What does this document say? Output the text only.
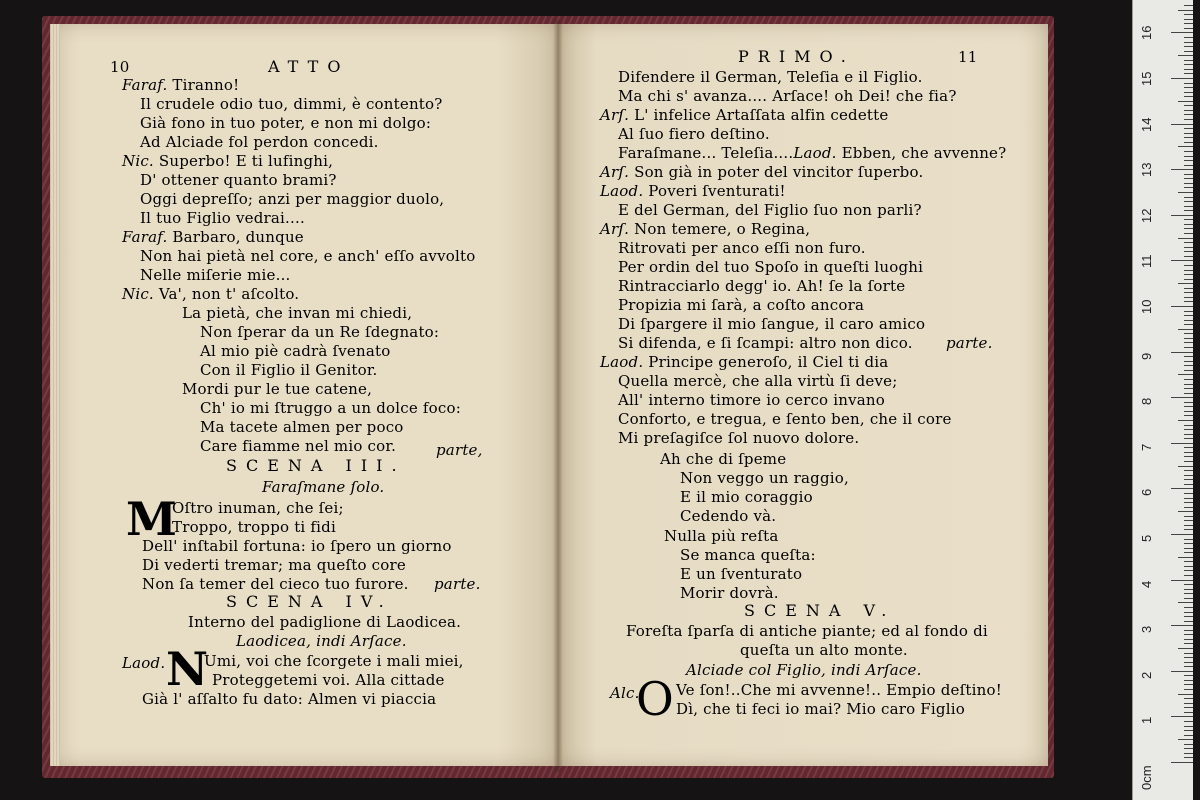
10	ATTO
Faraf. Tiranno!
Il crudele odio tuo, dimmi, è contento?
Già fono in tuo poter, e non mi dolgo:
Ad Alciade fol perdon concedi.
Nic. Superbo! E ti lufinghi,
D' ottener quanto brami?
Oggi depreſſo; anzi per maggior duolo,
Il tuo Figlio vedrai....
Faraf. Barbaro, dunque
Non hai pietà nel core, e anch' eſſo avvolto
Nelle miſerie mie...
Nic. Va', non t' aſcolto.
La pietà, che invan mi chiedi,
Non ſperar da un Re ſdegnato:
Al mio piè cadrà ſvenato
Con il Figlio il Genitor.
Mordi pur le tue catene,
Ch' io mi ſtruggo a un dolce foco:
Ma tacete almen per poco
Care fiamme nel mio cor.	parte,
SCENA III.
Faraſmane ſolo.
M
Oſtro inuman, che ſei;
Troppo, troppo ti fidi
Dell' inſtabil fortuna: io ſpero un giorno
Di vederti tremar; ma queſto core
Non ſa temer del cieco tuo furore. parte.
SCENA IV.
Interno del padiglione di Laodicea.
Laodicea, indi Arſace.
Laod. N
Umi, voi che ſcorgete i mali miei,
Proteggetemi voi. Alla cittade
Già l' aſſalto fu dato: Almen vi piaccia
PRIMO.	11
Difendere il German, Teleſia e il Figlio.
Ma chi s' avanza.... Arſace! oh Dei! che fia?
Arſ. L' infelice Artaſſata alfin cedette
Al ſuo fiero deſtino.
Faraſmane... Teleſia....Laod. Ebben, che avvenne?
Arſ. Son già in poter del vincitor ſuperbo.
Laod. Poveri ſventurati!
E del German, del Figlio ſuo non parli?
Arſ. Non temere, o Regina,
Ritrovati per anco eſſi non furo.
Per ordin del tuo Spoſo in queſti luoghi
Rintracciarlo degg' io. Ah! ſe la ſorte
Propizia mi ſarà, a coſto ancora
Di ſpargere il mio ſangue, il caro amico
Si difenda, e ſi ſcampi: altro non dico. parte.
Laod. Principe generoſo, il Ciel ti dia
Quella mercè, che alla virtù ſi deve;
All' interno timore io cerco invano
Conforto, e tregua, e ſento ben, che il core
Mi preſagiſce ſol nuovo dolore.
Ah che di ſpeme
Non veggo un raggio,
E il mio coraggio
Cedendo và.
Nulla più reſta
Se manca queſta:
E un ſventurato
Morir dovrà.
SCENA V.
Foreſta ſparſa di antiche piante; ed al fondo di
queſta un alto monte.
Alciade col Figlio, indi Arſace.
Alc.
O Ve ſon!..Che mi avvenne!.. Empio deſtino!
Dì, che ti feci io mai? Mio caro Figlio
0cm
1
2
3
4
5
6
7
8
9
10
11
12
13
14
15
16
